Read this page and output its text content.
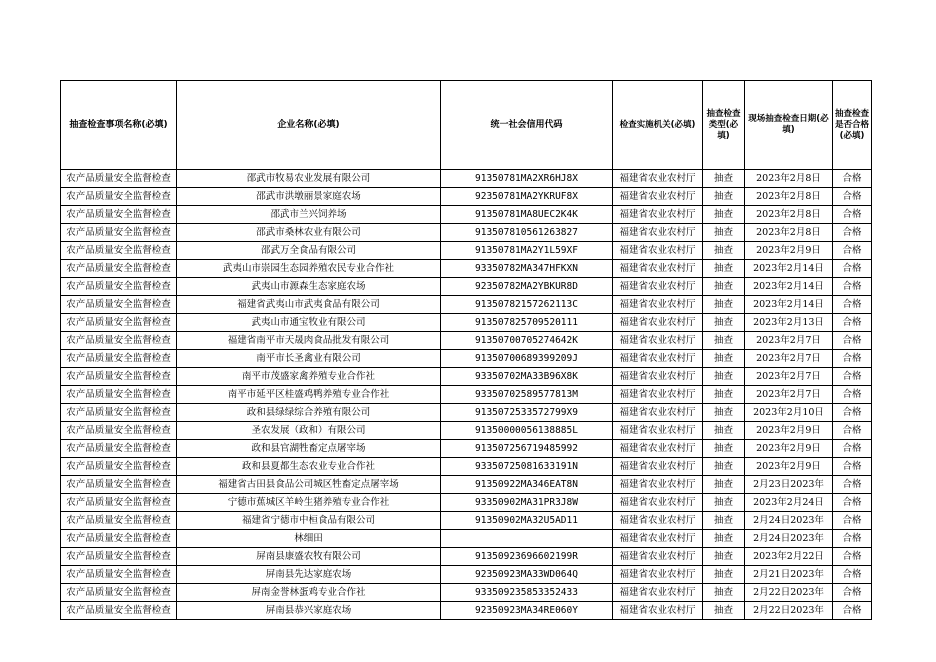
抽查检查事项名称(必填)	企业名称(必填)	统一社会信用代码	检查实施机关(必填)	抽查检查类型(必填)	现场抽查检查日期(必填)	抽查检查是否合格(必填)	
农产品质量安全监督检查	邵武市牧易农业发展有限公司	91350781MA2XR6HJ8X	福建省农业农村厅	抽查	2023年2月8日	合格	
农产品质量安全监督检查	邵武市洪墩丽景家庭农场	92350781MA2YKRUF8X	福建省农业农村厅	抽查	2023年2月8日	合格	
农产品质量安全监督检查	邵武市兰兴饲养场	91350781MA8UEC2K4K	福建省农业农村厅	抽查	2023年2月8日	合格	
农产品质量安全监督检查	邵武市桑林农业有限公司	91350781056126382​7	福建省农业农村厅	抽查	2023年2月8日	合格	
农产品质量安全监督检查	邵武万全食品有限公司	91350781MA2Y1L59XF	福建省农业农村厅	抽查	2023年2月9日	合格	
农产品质量安全监督检查	武夷山市崇园生态园养殖农民专业合作社	93350782MA347HFKXN	福建省农业农村厅	抽查	2023年2月14日	合格	
农产品质量安全监督检查	武夷山市源森生态家庭农场	92350782MA2YBKUR8D	福建省农业农村厅	抽查	2023年2月14日	合格	
农产品质量安全监督检查	福建省武夷山市武夷食品有限公司	91350782157262113C	福建省农业农村厅	抽查	2023年2月14日	合格	
农产品质量安全监督检查	武夷山市通宝牧业有限公司	91350782570952011​1	福建省农业农村厅	抽查	2023年2月13日	合格	
农产品质量安全监督检查	福建省南平市天晟肉食品批发有限公司	91350700705274642K	福建省农业农村厅	抽查	2023年2月7日	合格	
农产品质量安全监督检查	南平市长圣禽业有限公司	91350700689399209J	福建省农业农村厅	抽查	2023年2月7日	合格	
农产品质量安全监督检查	南平市茂盛家禽养殖专业合作社	93350702MA33B96X8K	福建省农业农村厅	抽查	2023年2月7日	合格	
农产品质量安全监督检查	南平市延平区桂盛鸡鸭养殖专业合作社	93350702589577813M	福建省农业农村厅	抽查	2023年2月7日	合格	
农产品质量安全监督检查	政和县绿绿综合养殖有限公司	91350725335727​99X9	福建省农业农村厅	抽查	2023年2月10日	合格	
农产品质量安全监督检查	圣农发展（政和）有限公司	91350000056138885L	福建省农业农村厅	抽查	2023年2月9日	合格	
农产品质量安全监督检查	政和县官湖牲畜定点屠宰场	913507256719485992	福建省农业农村厅	抽查	2023年2月9日	合格	
农产品质量安全监督检查	政和县夏都生态农业专业合作社	93350725081633191N	福建省农业农村厅	抽查	2023年2月9日	合格	
农产品质量安全监督检查	福建省古田县食品公司城区牲畜定点屠宰场	91350922MA346EAT8N	福建省农业农村厅	抽查	2月23日2023年	合格	
农产品质量安全监督检查	宁德市蕉城区羊岭生猪养殖专业合作社	93350902MA31PR3J8W	福建省农业农村厅	抽查	2023年2月24日	合格	
农产品质量安全监督检查	福建省宁德市中桓食品有限公司	91350902MA32U5AD11	福建省农业农村厅	抽查	2月24日2023年	合格	
农产品质量安全监督检查	林细田		福建省农业农村厅	抽查	2月24日2023年	合格	
农产品质量安全监督检查	屏南县康盛农牧有限公司	91350923696602199R	福建省农业农村厅	抽查	2023年2月22日	合格	
农产品质量安全监督检查	屏南县先达家庭农场	92350923MA33WD064Q	福建省农业农村厅	抽查	2月21日2023年	合格	
农产品质量安全监督检查	屏南金誉林蛋鸡专业合作社	933509235853352433	福建省农业农村厅	抽查	2月22日2023年	合格	
农产品质量安全监督检查	屏南县恭兴家庭农场	92350923MA34RE060Y	福建省农业农村厅	抽查	2月22日2023年	合格	
